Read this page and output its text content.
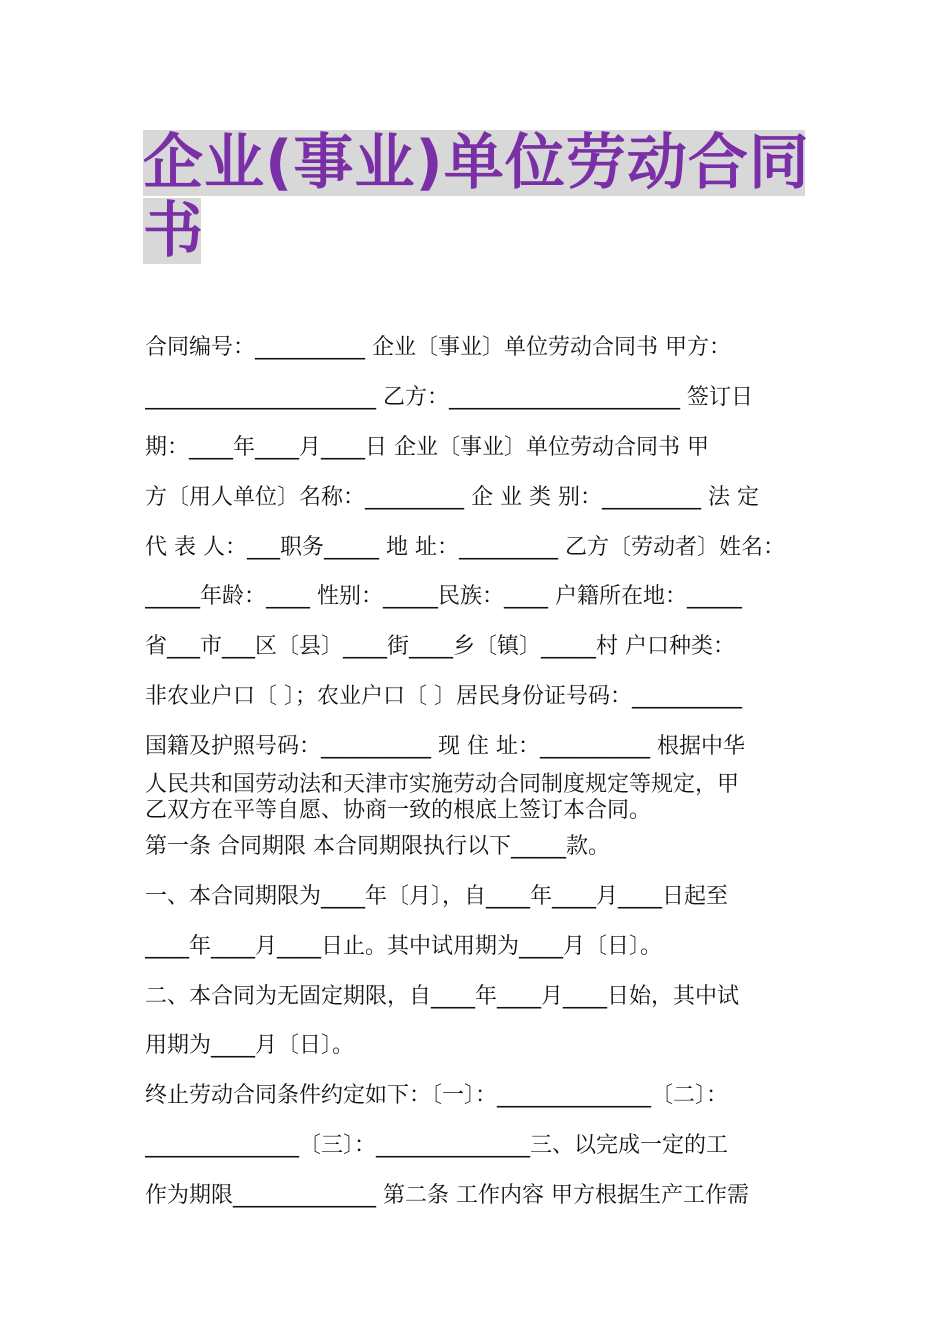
企业(事业)单位劳动合同
书
合同编号：__________ 企业〔事业〕单位劳动合同书 甲方：
_____________________ 乙方：_____________________ 签订日
期：____年____月____日 企业〔事业〕单位劳动合同书 甲
方〔用人单位〕名称：_________ 企 业 类 别：_________ 法 定
代 表 人：___职务_____ 地 址：_________ 乙方〔劳动者〕姓名：
_____年龄：____ 性别：_____民族：____ 户籍所在地：_____
省___市___区〔县〕____街____乡〔镇〕_____村 户口种类：
非农业户口〔 〕；农业户口〔 〕居民身份证号码：__________
国籍及护照号码：__________ 现 住 址：__________ 根据中华
人民共和国劳动法和天津市实施劳动合同制度规定等规定，甲
乙双方在平等自愿、协商一致的根底上签订本合同。
第一条 合同期限 本合同期限执行以下_____款。
一、本合同期限为____年〔月〕，自____年____月____日起至
____年____月____日止。其中试用期为____月〔日〕。
二、本合同为无固定期限，自____年____月____日始，其中试
用期为____月〔日〕。
终止劳动合同条件约定如下：〔一〕：______________〔二〕：
______________〔三〕：______________三、以完成一定的工
作为期限_____________ 第二条 工作内容 甲方根据生产工作需
